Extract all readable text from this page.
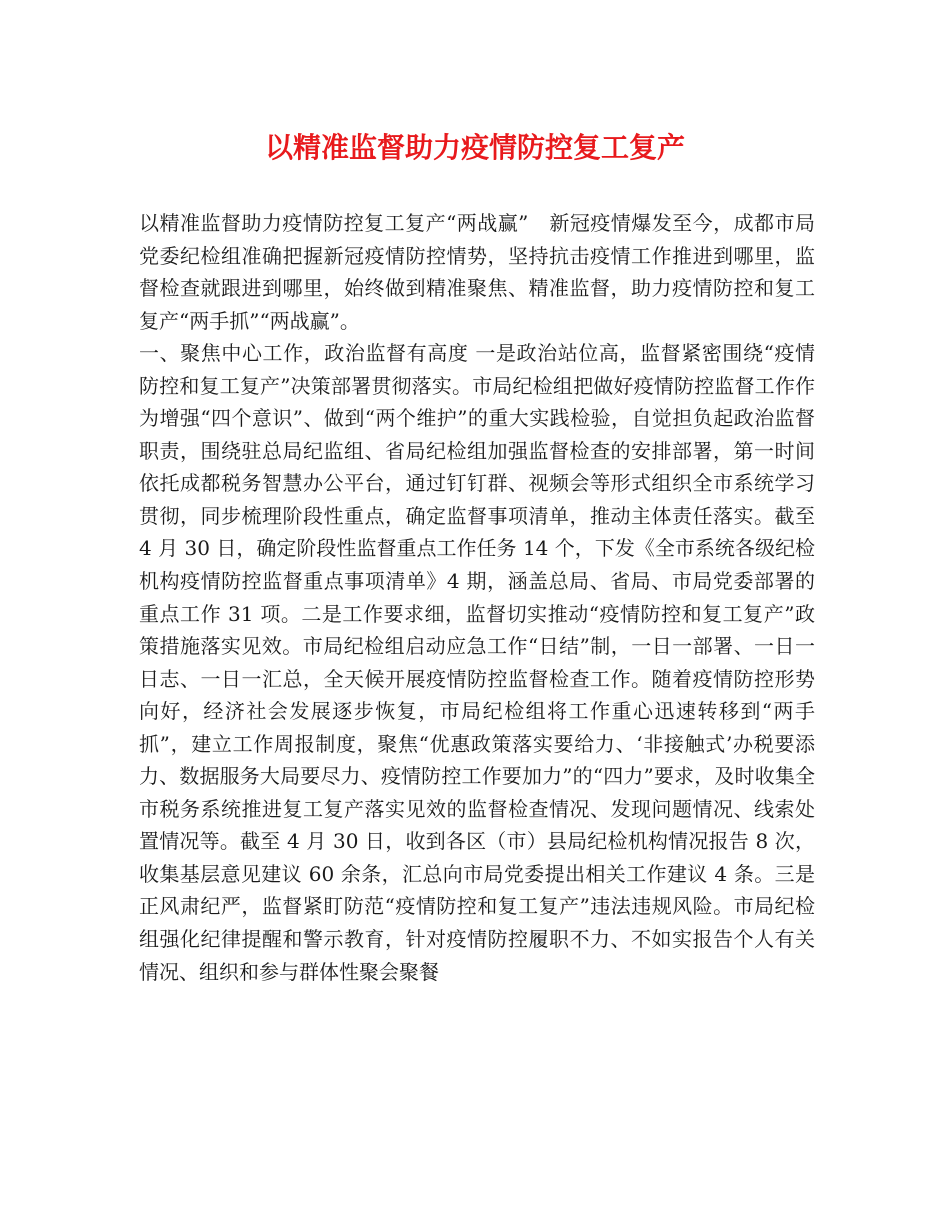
以精准监督助力疫情防控复工复产

以精准监督助力疫情防控复工复产“两战赢”　新冠疫情爆发至今，成都市局党委纪检组准确把握新冠疫情防控情势，坚持抗击疫情工作推进到哪里，监督检查就跟进到哪里，始终做到精准聚焦、精准监督，助力疫情防控和复工复产“两手抓”“两战赢”。

一、聚焦中心工作，政治监督有高度 一是政治站位高，监督紧密围绕“疫情防控和复工复产”决策部署贯彻落实。市局纪检组把做好疫情防控监督工作作为增强“四个意识”、做到“两个维护”的重大实践检验，自觉担负起政治监督职责，围绕驻总局纪监组、省局纪检组加强监督检查的安排部署，第一时间依托成都税务智慧办公平台，通过钉钉群、视频会等形式组织全市系统学习贯彻，同步梳理阶段性重点，确定监督事项清单，推动主体责任落实。截至 4 月 30 日，确定阶段性监督重点工作任务 14 个，下发《全市系统各级纪检机构疫情防控监督重点事项清单》4 期，涵盖总局、省局、市局党委部署的重点工作 31 项。二是工作要求细，监督切实推动“疫情防控和复工复产”政策措施落实见效。市局纪检组启动应急工作“日结”制，一日一部署、一日一日志、一日一汇总，全天候开展疫情防控监督检查工作。随着疫情防控形势向好，经济社会发展逐步恢复，市局纪检组将工作重心迅速转移到“两手抓”，建立工作周报制度，聚焦“优惠政策落实要给力、‘非接触式’办税要添力、数据服务大局要尽力、疫情防控工作要加力”的“四力”要求，及时收集全市税务系统推进复工复产落实见效的监督检查情况、发现问题情况、线索处置情况等。截至 4 月 30 日，收到各区（市）县局纪检机构情况报告 8 次，收集基层意见建议 60 余条，汇总向市局党委提出相关工作建议 4 条。三是正风肃纪严，监督紧盯防范“疫情防控和复工复产”违法违规风险。市局纪检组强化纪律提醒和警示教育，针对疫情防控履职不力、不如实报告个人有关情况、组织和参与群体性聚会聚餐
